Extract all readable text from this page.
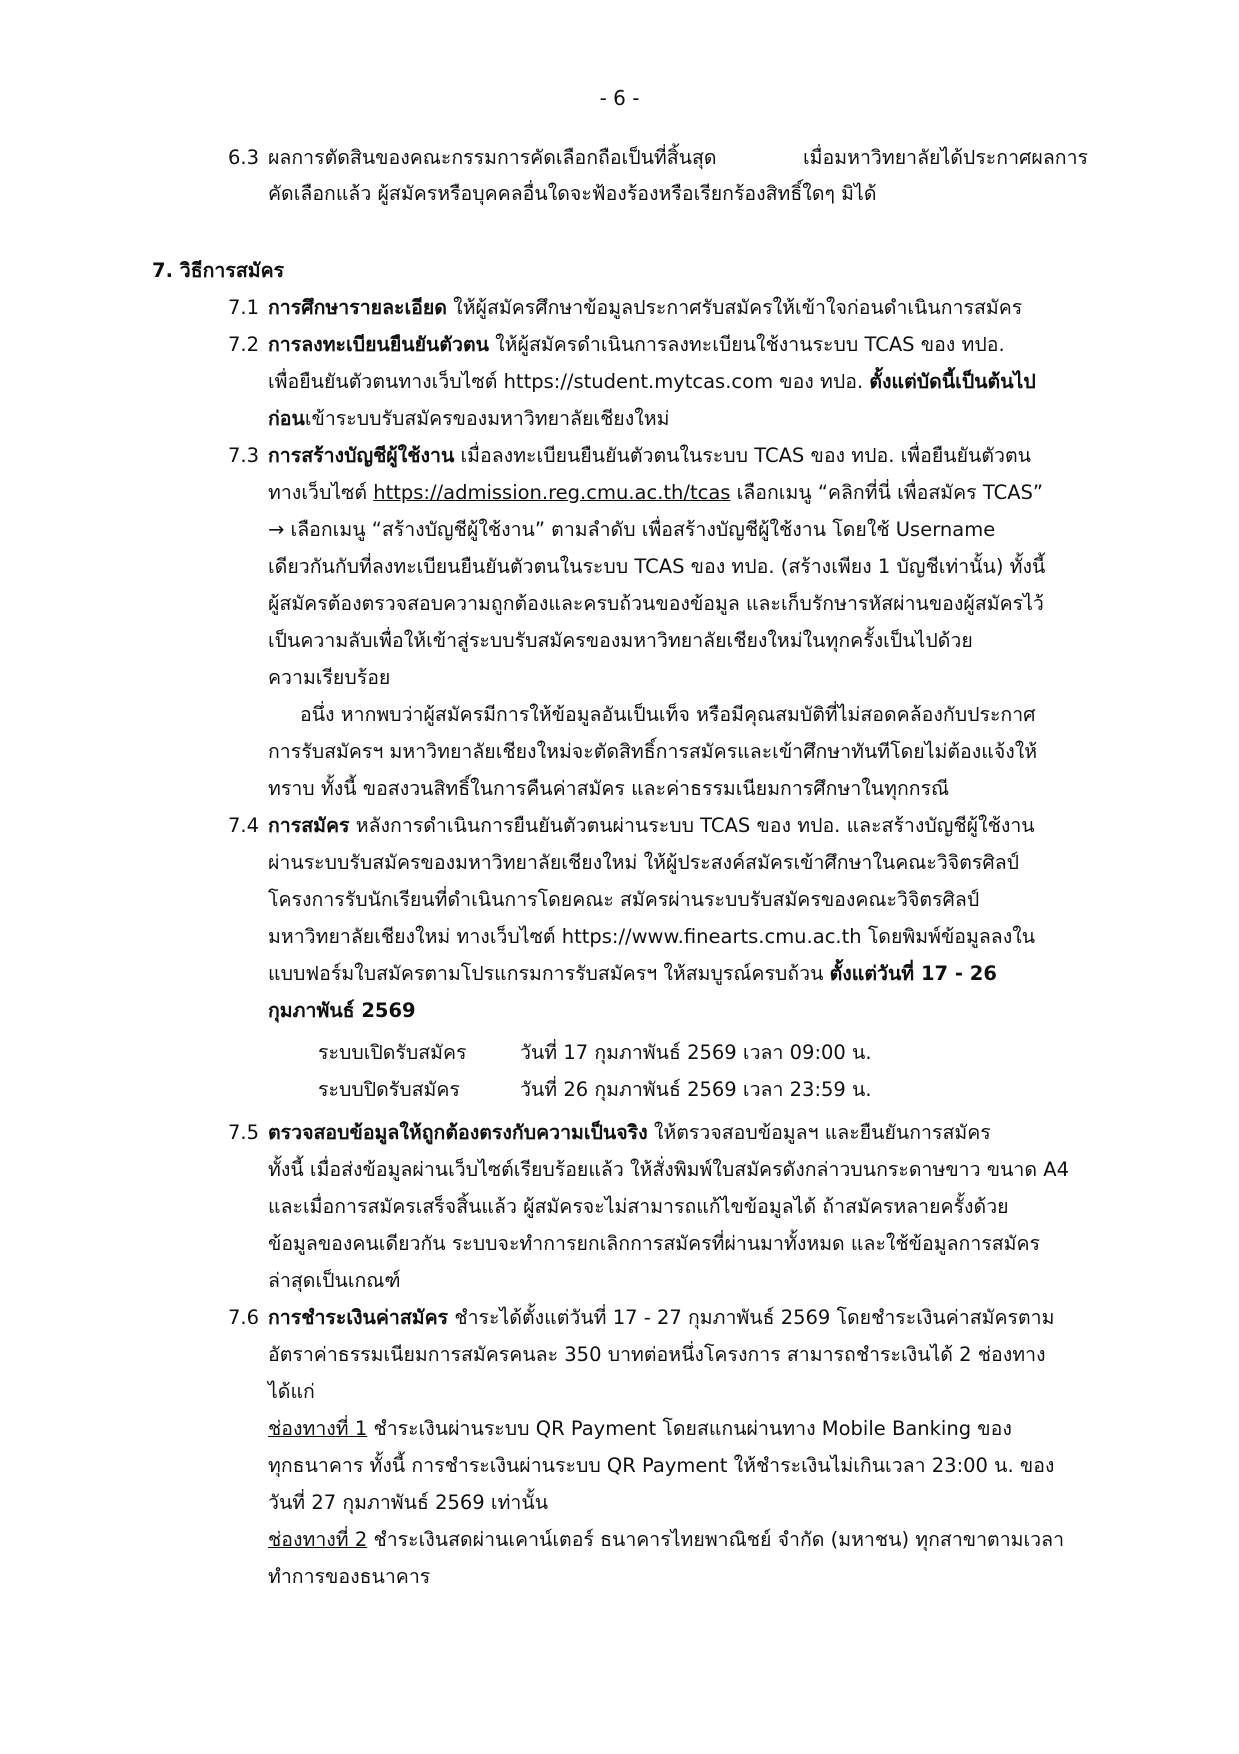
- 6 -
6.3 ผลการตัดสินของคณะกรรมการคัดเลือกถือเป็นที่สิ้นสุด เมื่อมหาวิทยาลัยได้ประกาศผลการ
คัดเลือกแล้ว ผู้สมัครหรือบุคคลอื่นใดจะฟ้องร้องหรือเรียกร้องสิทธิ์ใดๆ มิได้
7. วิธีการสมัคร
7.1 การศึกษารายละเอียด ให้ผู้สมัครศึกษาข้อมูลประกาศรับสมัครให้เข้าใจก่อนดำเนินการสมัคร
7.2 การลงทะเบียนยืนยันตัวตน ให้ผู้สมัครดำเนินการลงทะเบียนใช้งานระบบ TCAS ของ ทปอ.
เพื่อยืนยันตัวตนทางเว็บไซต์ https://student.mytcas.com ของ ทปอ. ตั้งแต่บัดนี้เป็นต้นไป
ก่อนเข้าระบบรับสมัครของมหาวิทยาลัยเชียงใหม่
7.3 การสร้างบัญชีผู้ใช้งาน เมื่อลงทะเบียนยืนยันตัวตนในระบบ TCAS ของ ทปอ. เพื่อยืนยันตัวตน
ทางเว็บไซต์ https://admission.reg.cmu.ac.th/tcas เลือกเมนู “คลิกที่นี่ เพื่อสมัคร TCAS”
→ เลือกเมนู “สร้างบัญชีผู้ใช้งาน” ตามลำดับ เพื่อสร้างบัญชีผู้ใช้งาน โดยใช้ Username
เดียวกันกับที่ลงทะเบียนยืนยันตัวตนในระบบ TCAS ของ ทปอ. (สร้างเพียง 1 บัญชีเท่านั้น) ทั้งนี้
ผู้สมัครต้องตรวจสอบความถูกต้องและครบถ้วนของข้อมูล และเก็บรักษารหัสผ่านของผู้สมัครไว้
เป็นความลับเพื่อให้เข้าสู่ระบบรับสมัครของมหาวิทยาลัยเชียงใหม่ในทุกครั้งเป็นไปด้วย
ความเรียบร้อย
อนึ่ง หากพบว่าผู้สมัครมีการให้ข้อมูลอันเป็นเท็จ หรือมีคุณสมบัติที่ไม่สอดคล้องกับประกาศ
การรับสมัครฯ มหาวิทยาลัยเชียงใหม่จะตัดสิทธิ์การสมัครและเข้าศึกษาทันทีโดยไม่ต้องแจ้งให้
ทราบ ทั้งนี้ ขอสงวนสิทธิ์ในการคืนค่าสมัคร และค่าธรรมเนียมการศึกษาในทุกกรณี
7.4 การสมัคร หลังการดำเนินการยืนยันตัวตนผ่านระบบ TCAS ของ ทปอ. และสร้างบัญชีผู้ใช้งาน
ผ่านระบบรับสมัครของมหาวิทยาลัยเชียงใหม่ ให้ผู้ประสงค์สมัครเข้าศึกษาในคณะวิจิตรศิลป์
โครงการรับนักเรียนที่ดำเนินการโดยคณะ สมัครผ่านระบบรับสมัครของคณะวิจิตรศิลป์
มหาวิทยาลัยเชียงใหม่ ทางเว็บไซต์ https://www.finearts.cmu.ac.th โดยพิมพ์ข้อมูลลงใน
แบบฟอร์มใบสมัครตามโปรแกรมการรับสมัครฯ ให้สมบูรณ์ครบถ้วน ตั้งแต่วันที่ 17 - 26
กุมภาพันธ์ 2569
ระบบเปิดรับสมัคร	วันที่ 17 กุมภาพันธ์ 2569 เวลา 09:00 น.
ระบบปิดรับสมัคร	วันที่ 26 กุมภาพันธ์ 2569 เวลา 23:59 น.
7.5 ตรวจสอบข้อมูลให้ถูกต้องตรงกับความเป็นจริง ให้ตรวจสอบข้อมูลฯ และยืนยันการสมัคร
ทั้งนี้ เมื่อส่งข้อมูลผ่านเว็บไซต์เรียบร้อยแล้ว ให้สั่งพิมพ์ใบสมัครดังกล่าวบนกระดาษขาว ขนาด A4
และเมื่อการสมัครเสร็จสิ้นแล้ว ผู้สมัครจะไม่สามารถแก้ไขข้อมูลได้ ถ้าสมัครหลายครั้งด้วย
ข้อมูลของคนเดียวกัน ระบบจะทำการยกเลิกการสมัครที่ผ่านมาทั้งหมด และใช้ข้อมูลการสมัคร
ล่าสุดเป็นเกณฑ์
7.6 การชำระเงินค่าสมัคร ชำระได้ตั้งแต่วันที่ 17 - 27 กุมภาพันธ์ 2569 โดยชำระเงินค่าสมัครตาม
อัตราค่าธรรมเนียมการสมัครคนละ 350 บาทต่อหนึ่งโครงการ สามารถชำระเงินได้ 2 ช่องทาง
ได้แก่
ช่องทางที่ 1 ชำระเงินผ่านระบบ QR Payment โดยสแกนผ่านทาง Mobile Banking ของ
ทุกธนาคาร ทั้งนี้ การชำระเงินผ่านระบบ QR Payment ให้ชำระเงินไม่เกินเวลา 23:00 น. ของ
วันที่ 27 กุมภาพันธ์ 2569 เท่านั้น
ช่องทางที่ 2 ชำระเงินสดผ่านเคาน์เตอร์ ธนาคารไทยพาณิชย์ จำกัด (มหาชน) ทุกสาขาตามเวลา
ทำการของธนาคาร
